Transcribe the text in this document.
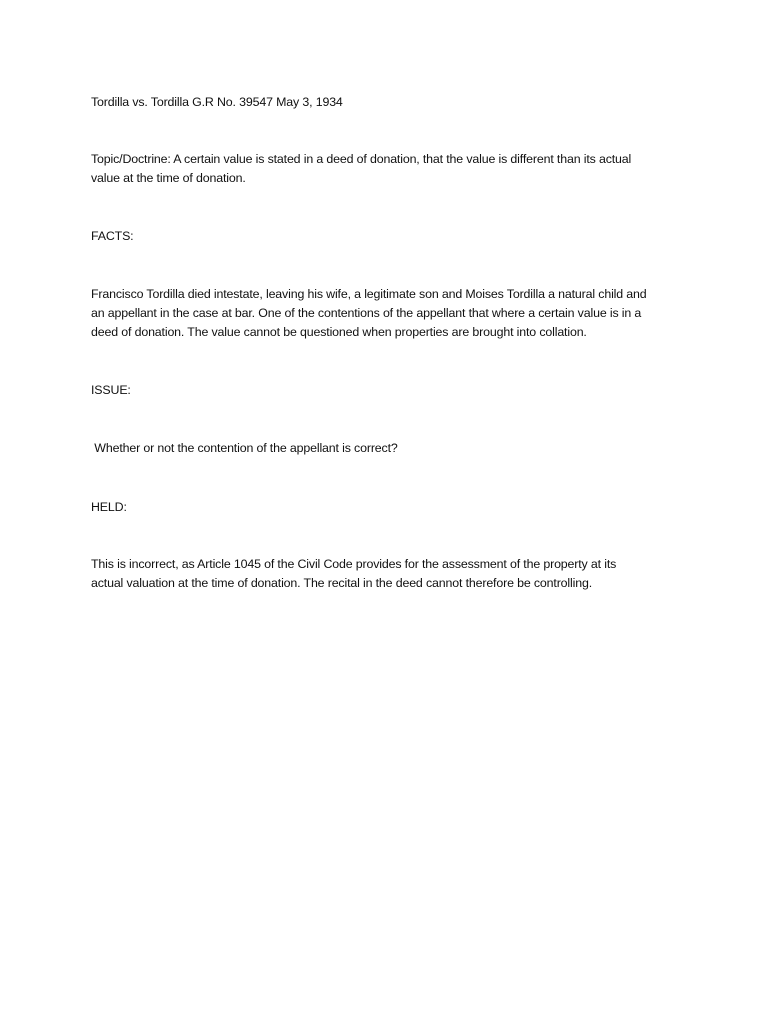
Tordilla vs. Tordilla G.R No. 39547 May 3, 1934
Topic/Doctrine: A certain value is stated in a deed of donation, that the value is different than its actual
value at the time of donation.
FACTS:
Francisco Tordilla died intestate, leaving his wife, a legitimate son and Moises Tordilla a natural child and
an appellant in the case at bar. One of the contentions of the appellant that where a certain value is in a
deed of donation. The value cannot be questioned when properties are brought into collation.
ISSUE:
Whether or not the contention of the appellant is correct?
HELD:
This is incorrect, as Article 1045 of the Civil Code provides for the assessment of the property at its
actual valuation at the time of donation. The recital in the deed cannot therefore be controlling.
